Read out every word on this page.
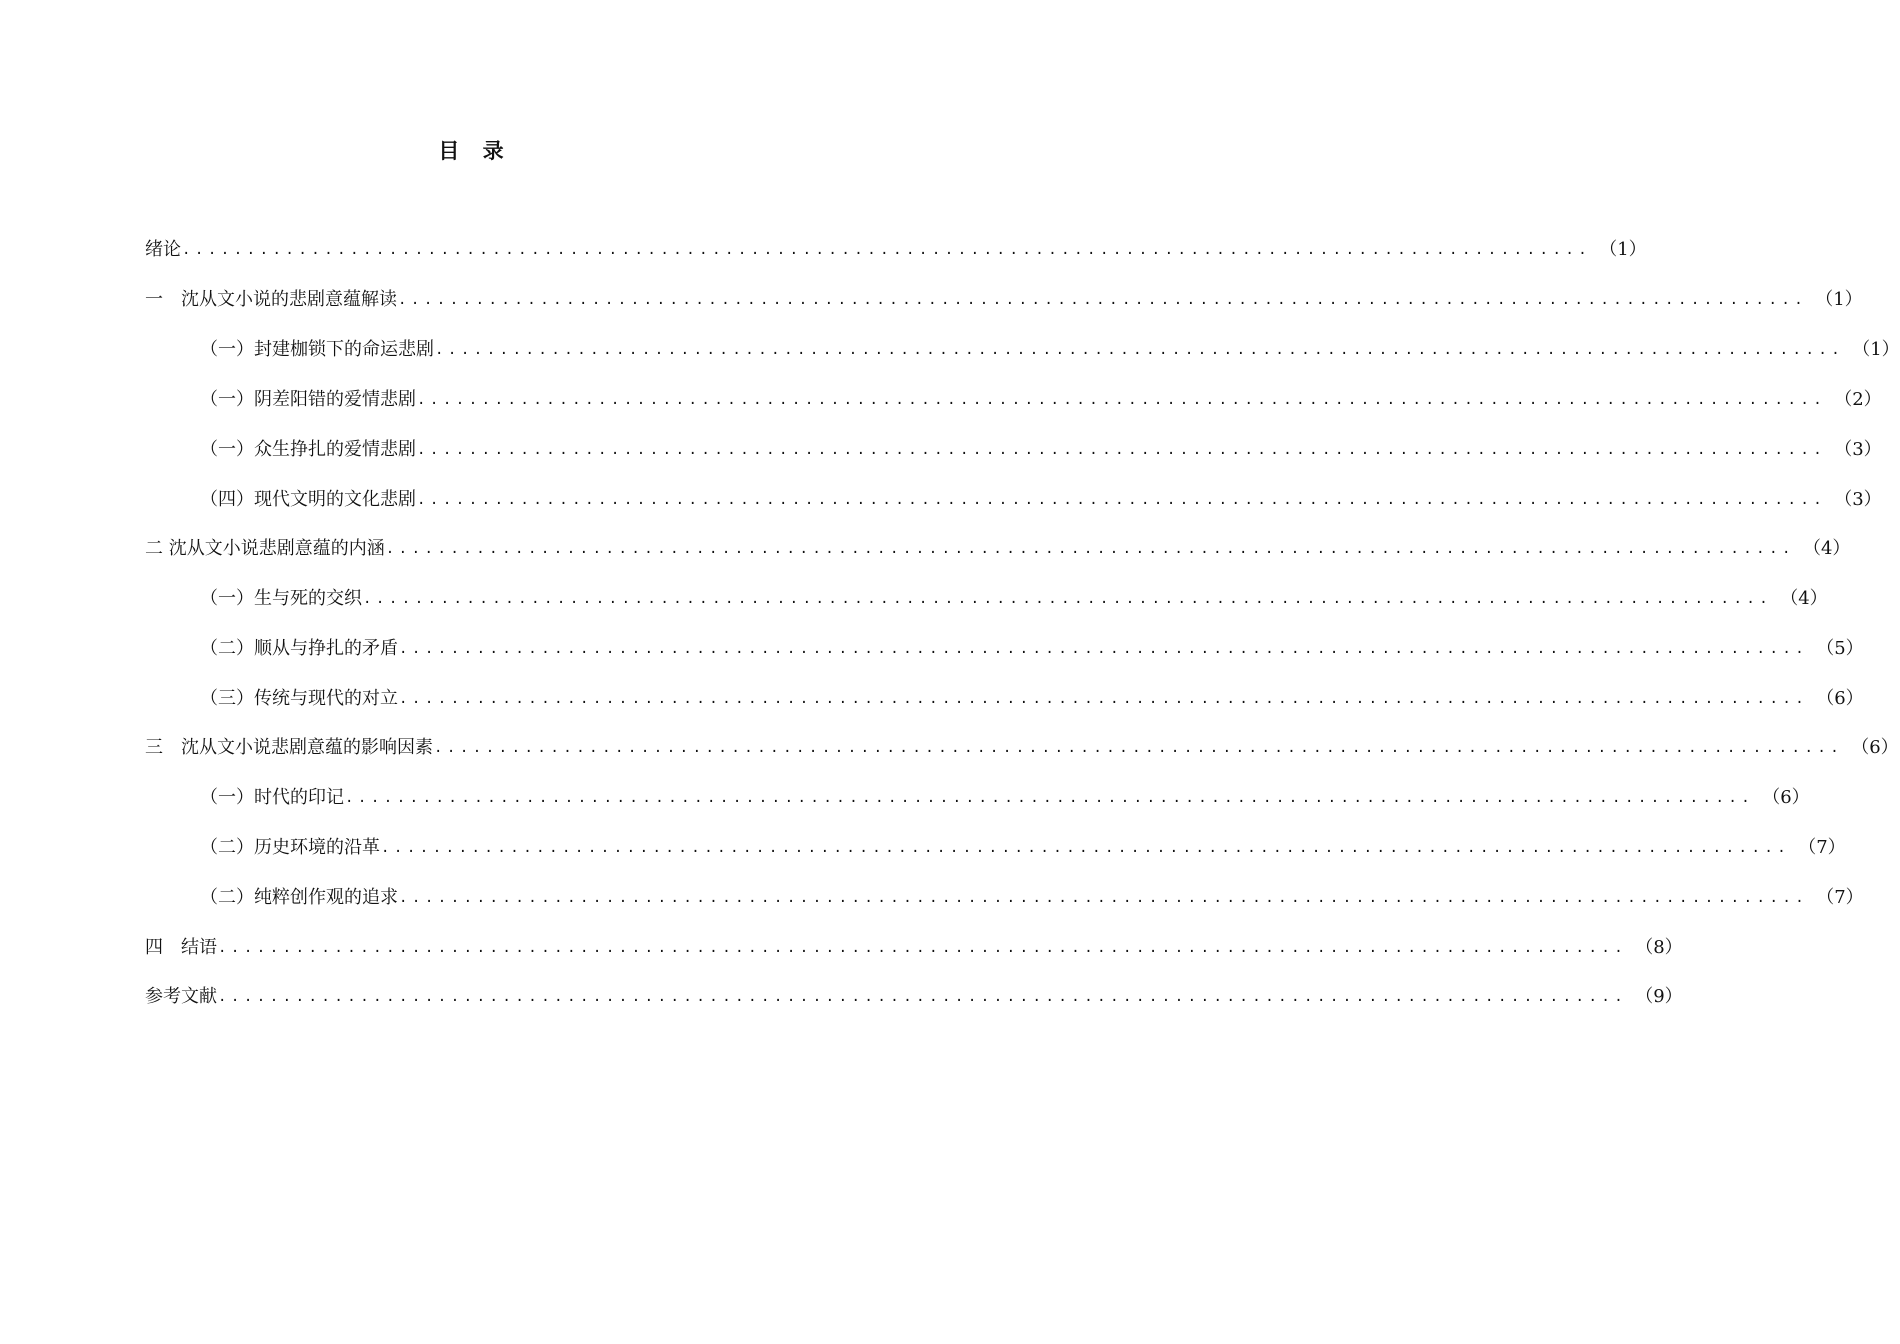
目 录
绪论 ............................................................................................................. （1）
一　沈从文小说的悲剧意蕴解读 ............................................................................................................. （1）
（一）封建枷锁下的命运悲剧 ............................................................................................................. （1）
（一）阴差阳错的爱情悲剧 ............................................................................................................. （2）
（一）众生挣扎的爱情悲剧 ............................................................................................................. （3）
（四）现代文明的文化悲剧 ............................................................................................................. （3）
二 沈从文小说悲剧意蕴的内涵 ............................................................................................................. （4）
（一）生与死的交织 ............................................................................................................. （4）
（二）顺从与挣扎的矛盾 ............................................................................................................. （5）
（三）传统与现代的对立 ............................................................................................................. （6）
三　沈从文小说悲剧意蕴的影响因素 ............................................................................................................. （6）
（一）时代的印记 ............................................................................................................. （6）
（二）历史环境的沿革 ............................................................................................................. （7）
（二）纯粹创作观的追求 ............................................................................................................. （7）
四　结语 ............................................................................................................. （8）
参考文献 ............................................................................................................. （9）
